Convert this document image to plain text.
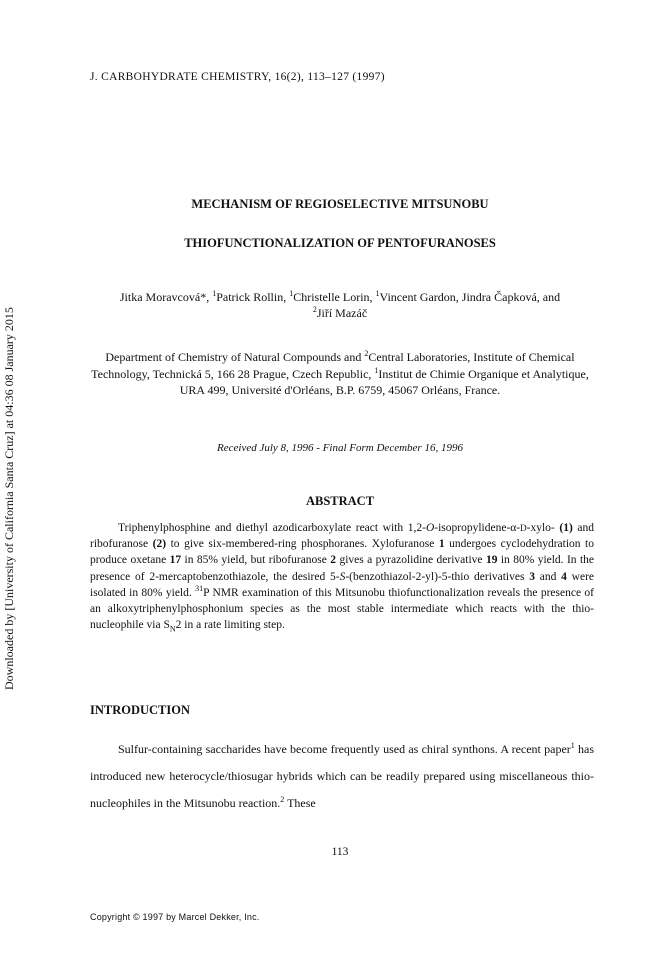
J. CARBOHYDRATE CHEMISTRY, 16(2), 113–127 (1997)
Downloaded by [University of California Santa Cruz] at 04:36 08 January 2015
MECHANISM OF REGIOSELECTIVE MITSUNOBU
THIOFUNCTIONALIZATION OF PENTOFURANOSES
Jitka Moravcová*, $^1$Patrick Rollin, $^1$Christelle Lorin, $^1$Vincent Gardon, Jindra Čapková, and
$^2$Jiří Mazáč
Department of Chemistry of Natural Compounds and $^2$Central Laboratories, Institute of Chemical Technology, Technická 5, 166 28 Prague, Czech Republic, $^1$Institut de Chimie Organique et Analytique, URA 499, Université d'Orléans, B.P. 6759, 45067 Orléans, France.
Received July 8, 1996 - Final Form December 16, 1996
ABSTRACT
Triphenylphosphine and diethyl azodicarboxylate react with 1,2-O-isopropylidene-α-D-xylo- (1) and ribofuranose (2) to give six-membered-ring phosphoranes. Xylofuranose 1 undergoes cyclodehydration to produce oxetane 17 in 85% yield, but ribofuranose 2 gives a pyrazolidine derivative 19 in 80% yield. In the presence of 2-mercaptobenzothiazole, the desired 5-S-(benzothiazol-2-yl)-5-thio derivatives 3 and 4 were isolated in 80% yield. $^{31}$P NMR examination of this Mitsunobu thiofunctionalization reveals the presence of an alkoxytriphenylphosphonium species as the most stable intermediate which reacts with the thio-nucleophile via $S_N2$ in a rate limiting step.
INTRODUCTION
Sulfur-containing saccharides have become frequently used as chiral synthons. A recent paper$^1$ has introduced new heterocycle/thiosugar hybrids which can be readily prepared using miscellaneous thio-nucleophiles in the Mitsunobu reaction.$^2$ These
113
Copyright © 1997 by Marcel Dekker, Inc.
